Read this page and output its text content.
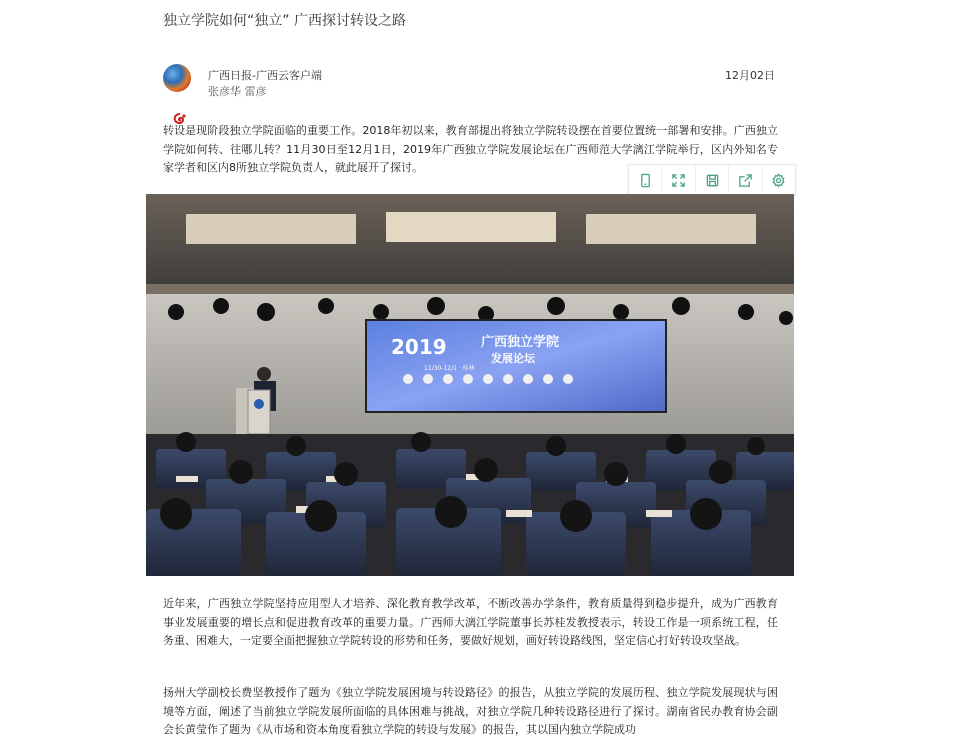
独立学院如何“独立” 广西探讨转设之路
广西日报-广西云客户端
张彦华 雷彦
12月02日
转设是现阶段独立学院面临的重要工作。2018年初以来，教育部提出将独立学院转设摆在首要位置统一部署和安排。广西独立学院如何转、往哪儿转？11月30日至12月1日，2019年广西独立学院发展论坛在广西师范大学漓江学院举行，区内外知名专家学者和区内8所独立学院负责人，就此展开了探讨。
近年来，广西独立学院坚持应用型人才培养、深化教育教学改革，不断改善办学条件，教育质量得到稳步提升，成为广西教育事业发展重要的增长点和促进教育改革的重要力量。广西师大漓江学院董事长苏桂发教授表示，转设工作是一项系统工程，任务重、困难大，一定要全面把握独立学院转设的形势和任务，要做好规划，画好转设路线图，坚定信心打好转设攻坚战。
扬州大学副校长费坚教授作了题为《独立学院发展困境与转设路径》的报告，从独立学院的发展历程、独立学院发展现状与困境等方面，阐述了当前独立学院发展所面临的具体困难与挑战，对独立学院几种转设路径进行了探讨。湖南省民办教育协会副会长黄莹作了题为《从市场和资本角度看独立学院的转设与发展》的报告，其以国内独立学院成功
2019	广西独立学院
发展论坛
11/30-12/1 · 桂林
